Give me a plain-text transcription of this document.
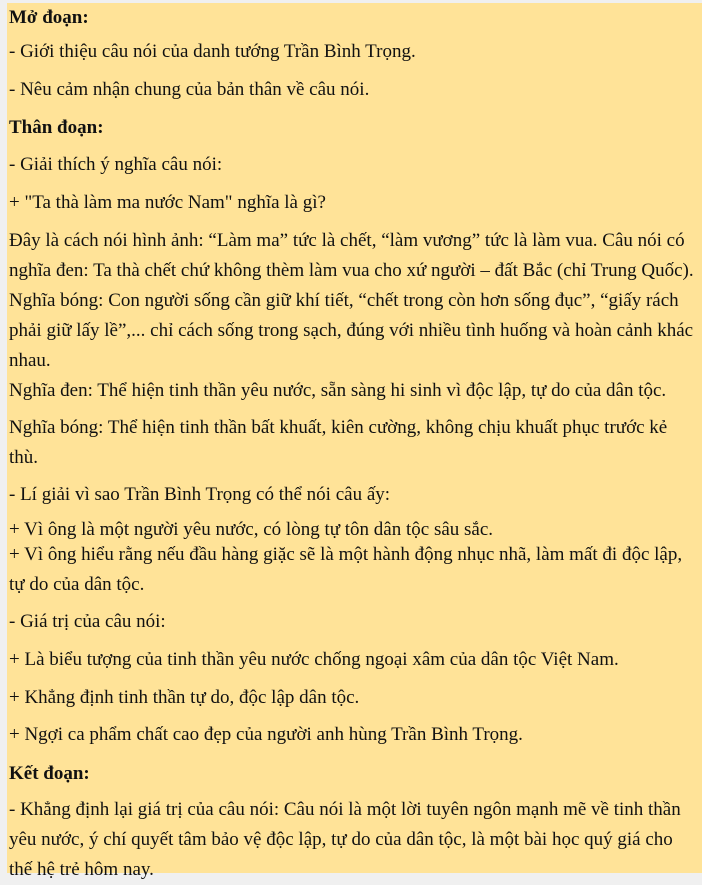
Mở đoạn:
- Giới thiệu câu nói của danh tướng Trần Bình Trọng.
- Nêu cảm nhận chung của bản thân về câu nói.
Thân đoạn:
- Giải thích ý nghĩa câu nói:
+ "Ta thà làm ma nước Nam" nghĩa là gì?
Đây là cách nói hình ảnh: “Làm ma” tức là chết, “làm vương” tức là làm vua. Câu nói có nghĩa đen: Ta thà chết chứ không thèm làm vua cho xứ người – đất Bắc (chỉ Trung Quốc). Nghĩa bóng: Con người sống cần giữ khí tiết, “chết trong còn hơn sống đục”, “giấy rách phải giữ lấy lề”,... chỉ cách sống trong sạch, đúng với nhiều tình huống và hoàn cảnh khác nhau.
Nghĩa đen: Thể hiện tinh thần yêu nước, sẵn sàng hi sinh vì độc lập, tự do của dân tộc.
Nghĩa bóng: Thể hiện tinh thần bất khuất, kiên cường, không chịu khuất phục trước kẻ thù.
- Lí giải vì sao Trần Bình Trọng có thể nói câu ấy:
+ Vì ông là một người yêu nước, có lòng tự tôn dân tộc sâu sắc.
+ Vì ông hiểu rằng nếu đầu hàng giặc sẽ là một hành động nhục nhã, làm mất đi độc lập, tự do của dân tộc.
- Giá trị của câu nói:
+ Là biểu tượng của tinh thần yêu nước chống ngoại xâm của dân tộc Việt Nam.
+ Khẳng định tinh thần tự do, độc lập dân tộc.
+ Ngợi ca phẩm chất cao đẹp của người anh hùng Trần Bình Trọng.
Kết đoạn:
- Khẳng định lại giá trị của câu nói: Câu nói là một lời tuyên ngôn mạnh mẽ về tinh thần yêu nước, ý chí quyết tâm bảo vệ độc lập, tự do của dân tộc, là một bài học quý giá cho thế hệ trẻ hôm nay.
